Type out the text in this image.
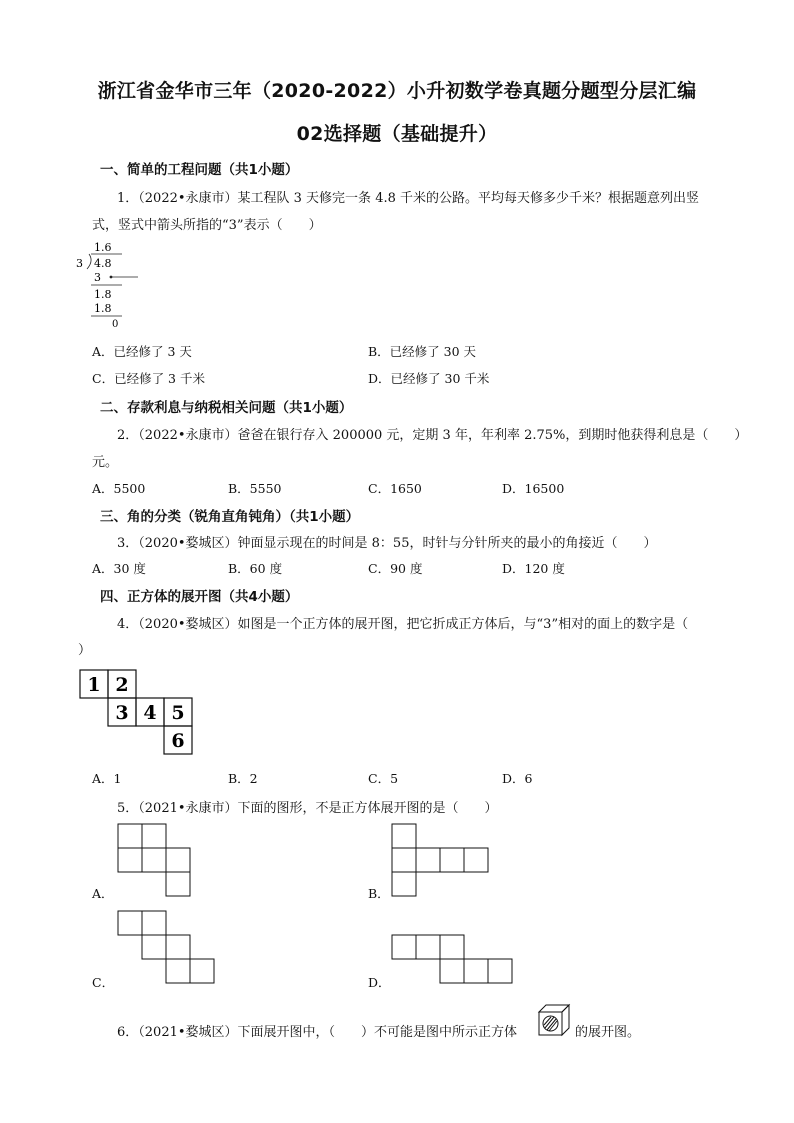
浙江省金华市三年（2020-2022）小升初数学卷真题分题型分层汇编
02选择题（基础提升）
一、简单的工程问题（共1小题）
1．（2022•永康市）某工程队 3 天修完一条 4.8 千米的公路。平均每天修多少千米？根据题意列出竖
式，竖式中箭头所指的“3”表示（　　）
1.6
3 4.8
3
1.8
1.8
0
A．已经修了 3 天	B．已经修了 30 天
C．已经修了 3 千米	D．已经修了 30 千米
二、存款利息与纳税相关问题（共1小题）
2．（2022•永康市）爸爸在银行存入 200000 元，定期 3 年，年利率 2.75%，到期时他获得利息是（　　）
元。
A．5500	B．5550	C．1650	D．16500
三、角的分类（锐角直角钝角）（共1小题）
3．（2020•婺城区）钟面显示现在的时间是 8：55，时针与分针所夹的最小的角接近（　　）
A．30 度	B．60 度	C．90 度	D．120 度
四、正方体的展开图（共4小题）
4．（2020•婺城区）如图是一个正方体的展开图，把它折成正方体后，与“3”相对的面上的数字是（
）
1 2
3 4 5
6
A．1	B．2	C．5	D．6
5．（2021•永康市）下面的图形，不是正方体展开图的是（　　）
A．	B．
C．	D．
6．（2021•婺城区）下面展开图中，（　　）不可能是图中所示正方体	的展开图。
